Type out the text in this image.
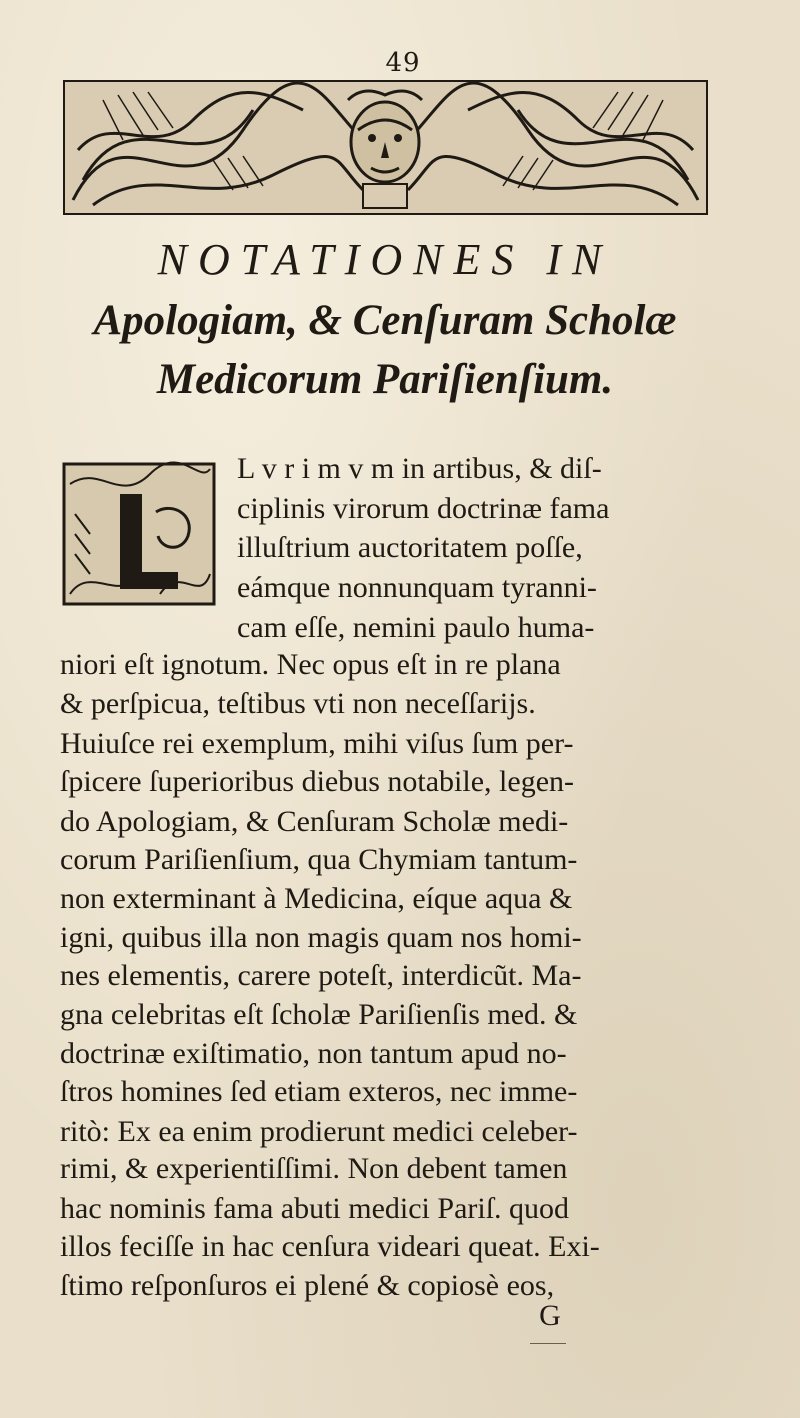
49
NOTATIONES IN
Apologiam, & Cenſuram Scholæ
Medicorum Pariſienſium.
L v r i m v m in artibus, & diſ-
ciplinis virorum doctrinæ fama
illuſtrium auctoritatem poſſe,
eámque nonnunquam tyranni-
cam eſſe, nemini paulo huma-
niori eſt ignotum. Nec opus eſt in re plana
& perſpicua, teſtibus vti non neceſſarijs.
Huiuſce rei exemplum, mihi viſus ſum per-
ſpicere ſuperioribus diebus notabile, legen-
do Apologiam, & Cenſuram Scholæ medi-
corum Pariſienſium, qua Chymiam tantum-
non exterminant à Medicina, eíque aqua &
igni, quibus illa non magis quam nos homi-
nes elementis, carere poteſt, interdicũt. Ma-
gna celebritas eſt ſcholæ Pariſienſis med. &
doctrinæ exiſtimatio, non tantum apud no-
ſtros homines ſed etiam exteros, nec imme-
ritò: Ex ea enim prodierunt medici celeber-
rimi, & experientiſſimi. Non debent tamen
hac nominis fama abuti medici Pariſ. quod
illos feciſſe in hac cenſura videari queat. Exi-
ſtimo reſponſuros ei plené & copiosè eos,
G
